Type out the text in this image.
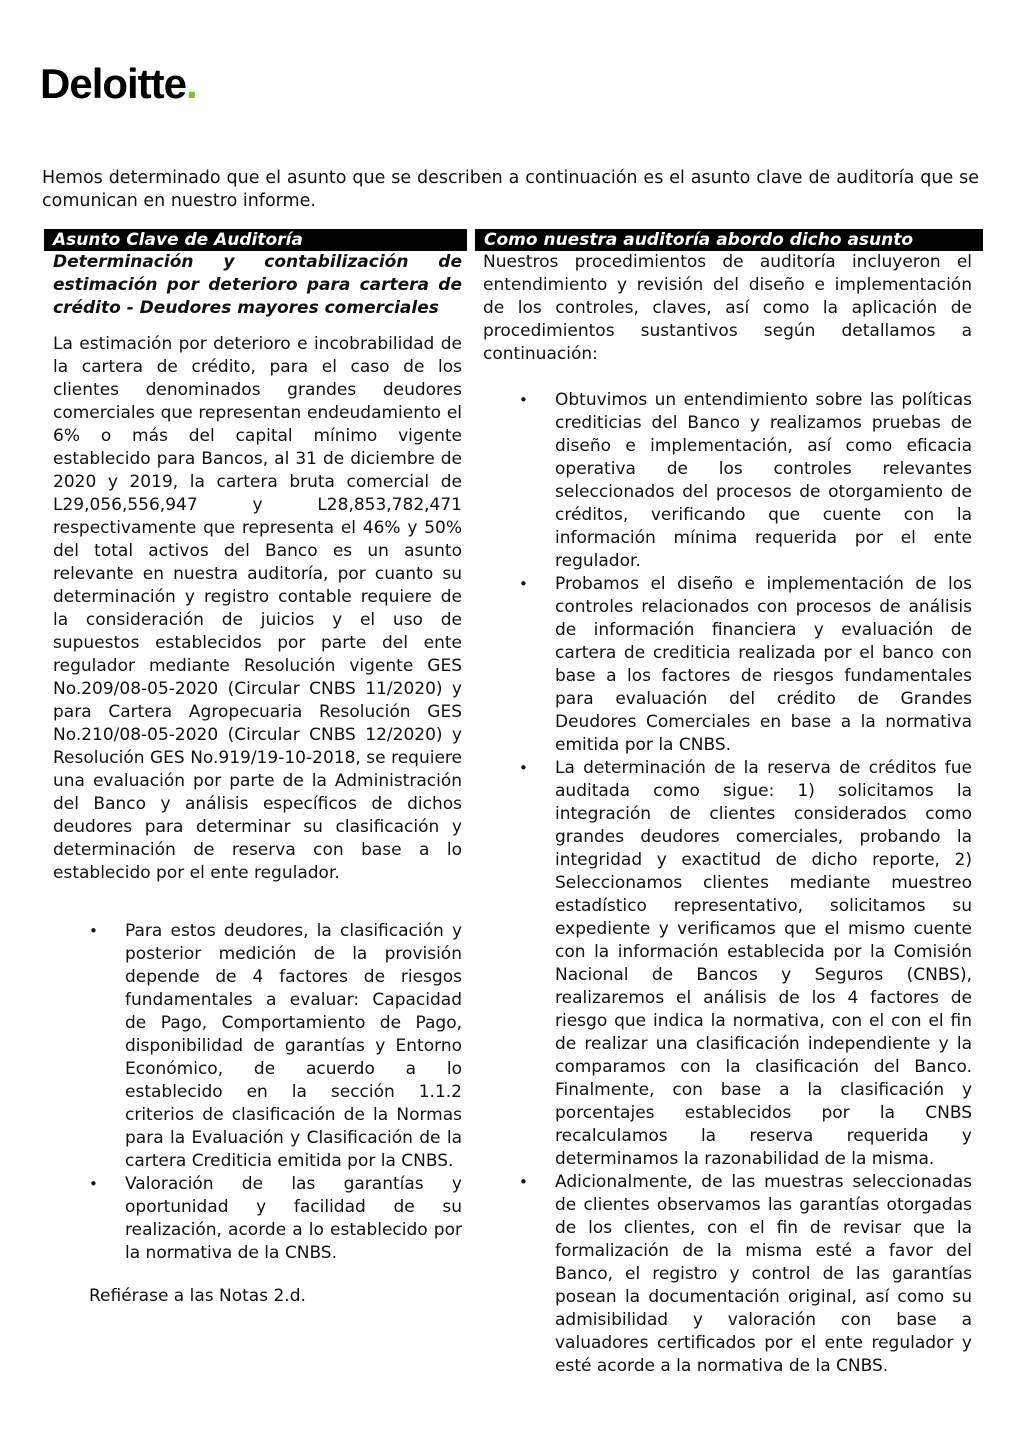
Deloitte.
Hemos determinado que el asunto que se describen a continuación es el asunto clave de auditoría que se comunican en nuestro informe.
Asunto Clave de Auditoría
Determinación y contabilización de estimación por deterioro para cartera de crédito - Deudores mayores comerciales
La estimación por deterioro e incobrabilidad de la cartera de crédito, para el caso de los clientes denominados grandes deudores comerciales que representan endeudamiento el 6% o más del capital mínimo vigente establecido para Bancos, al 31 de diciembre de 2020 y 2019, la cartera bruta comercial de L29,056,556,947 y L28,853,782,471 respectivamente que representa el 46% y 50% del total activos del Banco es un asunto relevante en nuestra auditoría, por cuanto su determinación y registro contable requiere de la consideración de juicios y el uso de supuestos establecidos por parte del ente regulador mediante Resolución vigente GES No.209/08-05-2020 (Circular CNBS 11/2020) y para Cartera Agropecuaria Resolución GES No.210/08-05-2020 (Circular CNBS 12/2020) y Resolución GES No.919/19-10-2018, se requiere una evaluación por parte de la Administración del Banco y análisis específicos de dichos deudores para determinar su clasificación y determinación de reserva con base a lo establecido por el ente regulador.
• Para estos deudores, la clasificación y posterior medición de la provisión depende de 4 factores de riesgos fundamentales a evaluar: Capacidad de Pago, Comportamiento de Pago, disponibilidad de garantías y Entorno Económico, de acuerdo a lo establecido en la sección 1.1.2 criterios de clasificación de la Normas para la Evaluación y Clasificación de la cartera Crediticia emitida por la CNBS.
• Valoración de las garantías y oportunidad y facilidad de su realización, acorde a lo establecido por la normativa de la CNBS.
Refiérase a las Notas 2.d.
Como nuestra auditoría abordo dicho asunto
Nuestros procedimientos de auditoría incluyeron el entendimiento y revisión del diseño e implementación de los controles, claves, así como la aplicación de procedimientos sustantivos según detallamos a continuación:
• Obtuvimos un entendimiento sobre las políticas crediticias del Banco y realizamos pruebas de diseño e implementación, así como eficacia operativa de los controles relevantes seleccionados del procesos de otorgamiento de créditos, verificando que cuente con la información mínima requerida por el ente regulador.
• Probamos el diseño e implementación de los controles relacionados con procesos de análisis de información financiera y evaluación de cartera de crediticia realizada por el banco con base a los factores de riesgos fundamentales para evaluación del crédito de Grandes Deudores Comerciales en base a la normativa emitida por la CNBS.
• La determinación de la reserva de créditos fue auditada como sigue: 1) solicitamos la integración de clientes considerados como grandes deudores comerciales, probando la integridad y exactitud de dicho reporte, 2) Seleccionamos clientes mediante muestreo estadístico representativo, solicitamos su expediente y verificamos que el mismo cuente con la información establecida por la Comisión Nacional de Bancos y Seguros (CNBS), realizaremos el análisis de los 4 factores de riesgo que indica la normativa, con el con el fin de realizar una clasificación independiente y la comparamos con la clasificación del Banco. Finalmente, con base a la clasificación y porcentajes establecidos por la CNBS recalculamos la reserva requerida y determinamos la razonabilidad de la misma.
• Adicionalmente, de las muestras seleccionadas de clientes observamos las garantías otorgadas de los clientes, con el fin de revisar que la formalización de la misma esté a favor del Banco, el registro y control de las garantías posean la documentación original, así como su admisibilidad y valoración con base a valuadores certificados por el ente regulador y esté acorde a la normativa de la CNBS.
